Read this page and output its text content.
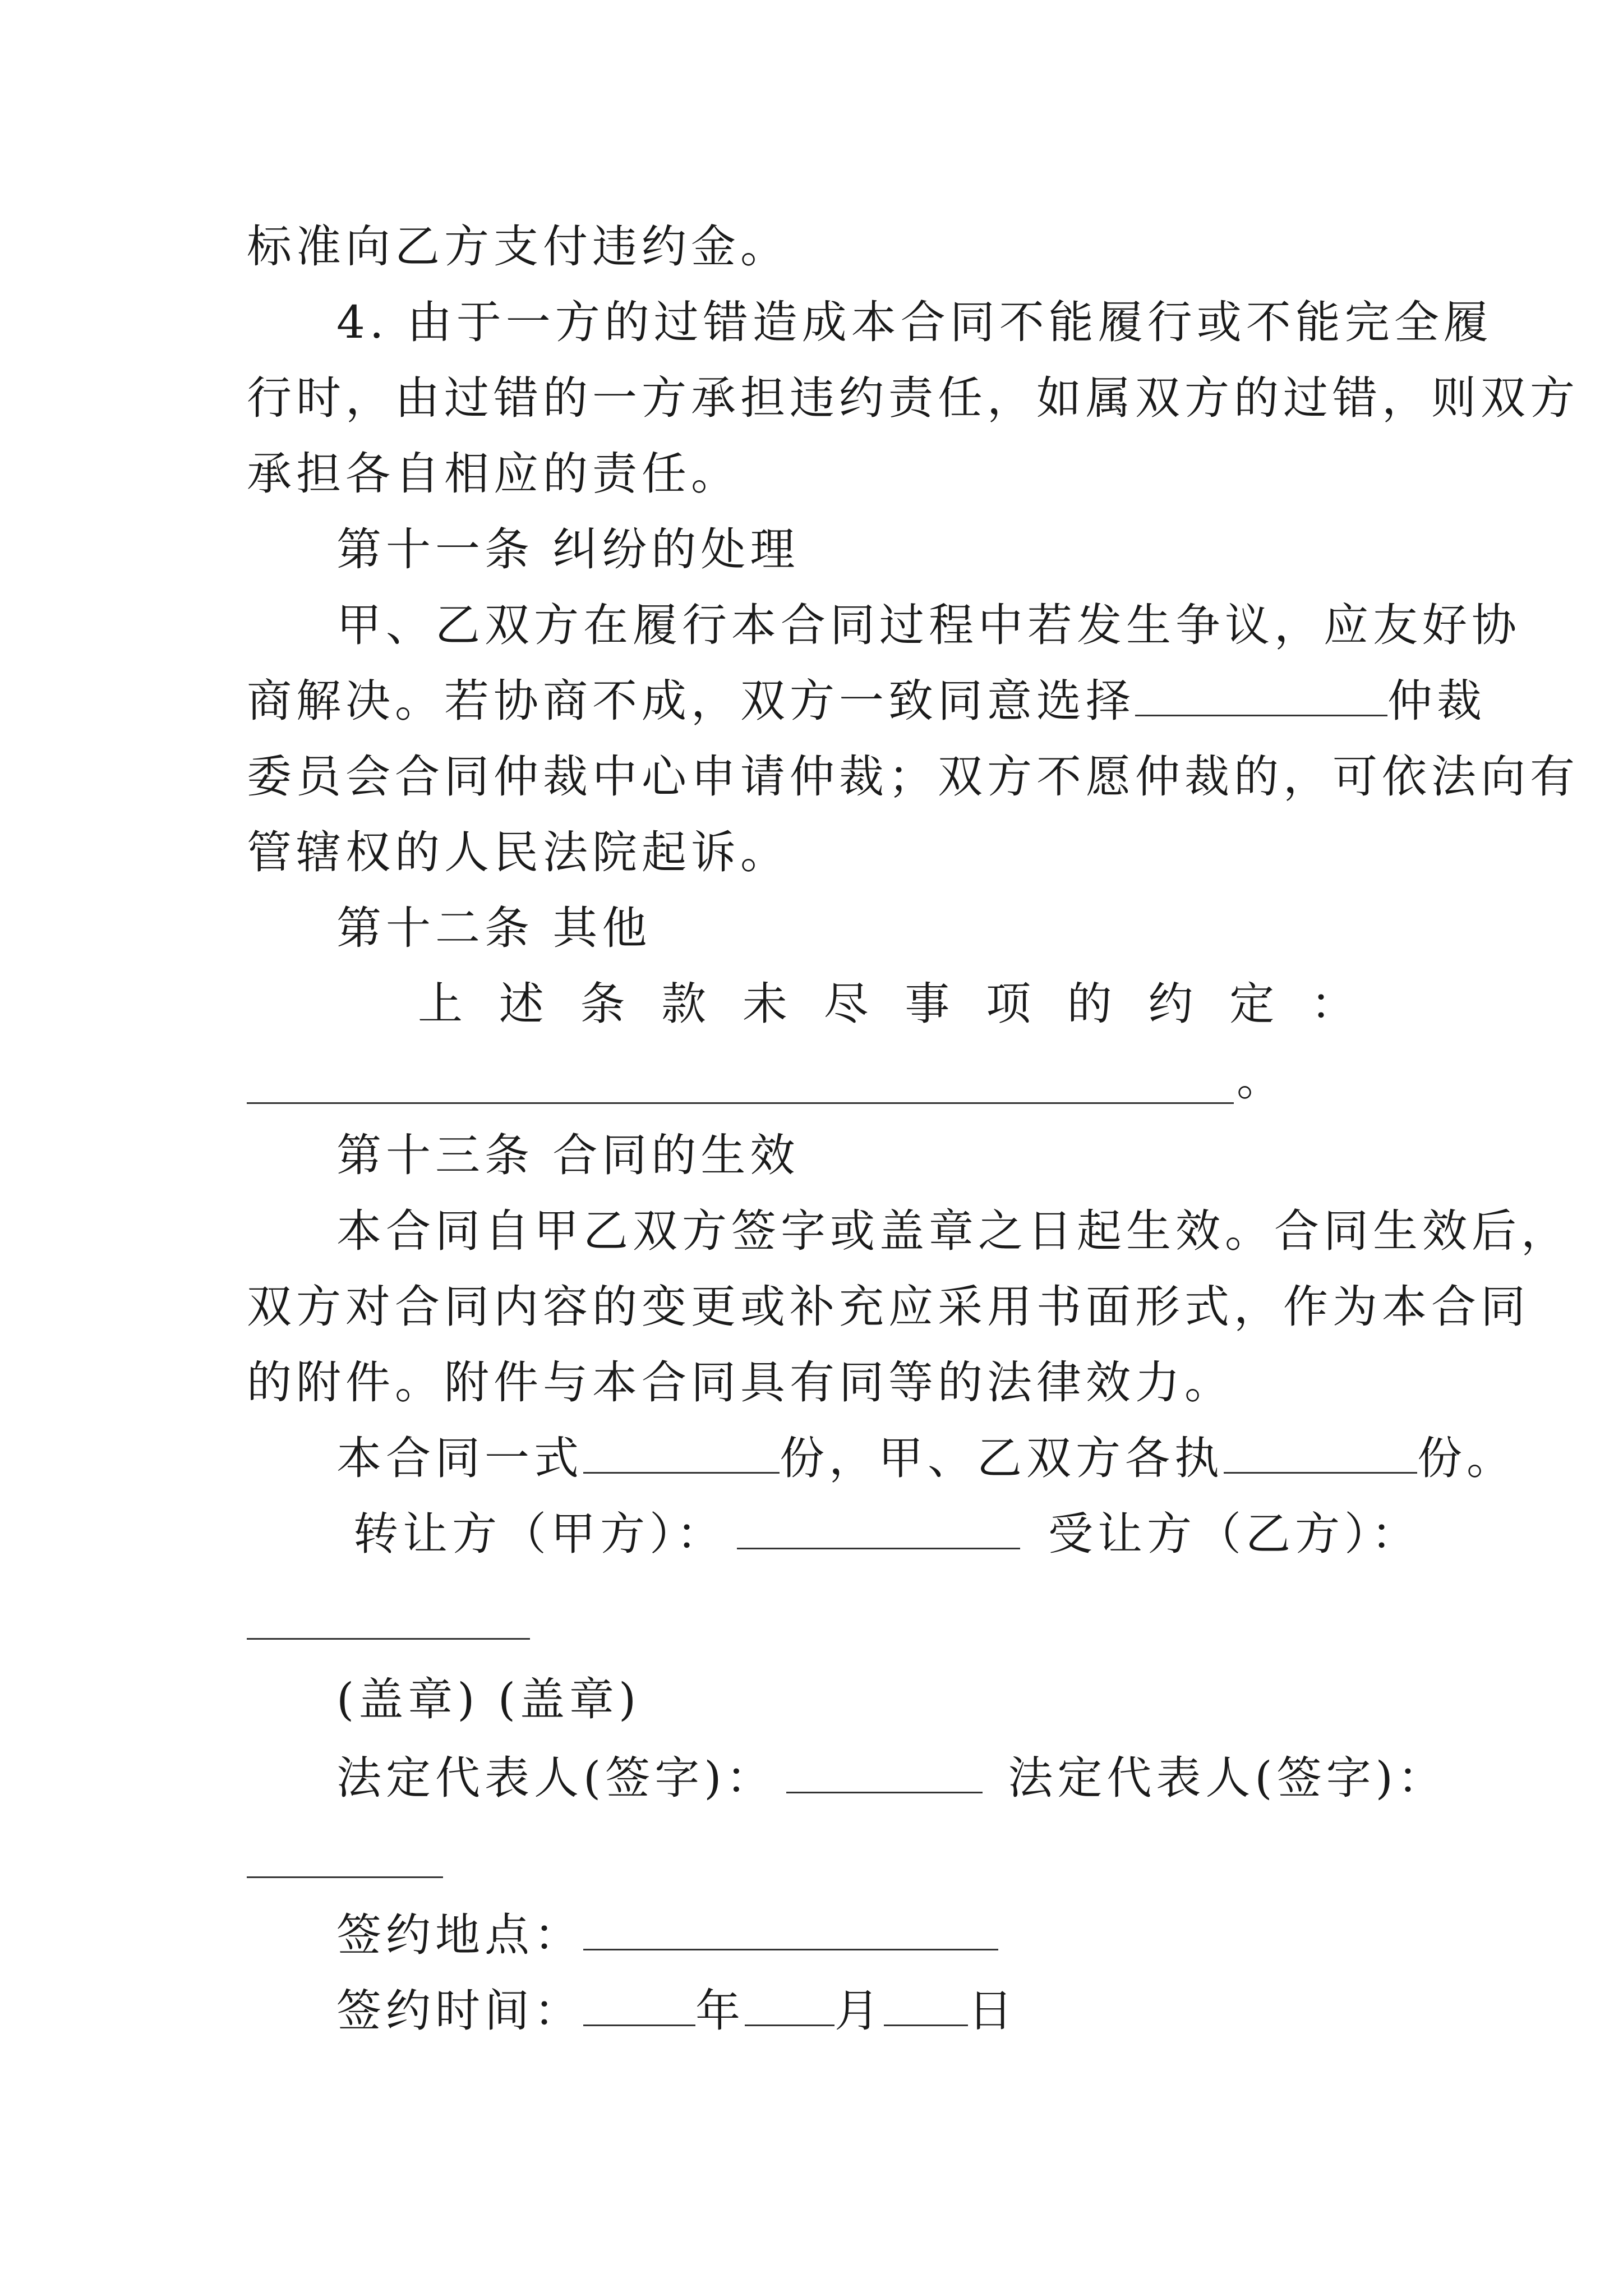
标准向乙方支付违约金。
4. 由于一方的过错造成本合同不能履行或不能完全履
行时，由过错的一方承担违约责任，如属双方的过错，则双方
承担各自相应的责任。
第十一条 纠纷的处理
甲、乙双方在履行本合同过程中若发生争议，应友好协
商解决。若协商不成，双方一致同意选择	仲裁
委员会合同仲裁中心申请仲裁；双方不愿仲裁的，可依法向有
管辖权的人民法院起诉。
第十二条 其他
上 述 条 款 未 尽 事 项 的 约 定 ：
。
第十三条 合同的生效
本合同自甲乙双方签字或盖章之日起生效。合同生效后，
双方对合同内容的变更或补充应采用书面形式，作为本合同
的附件。附件与本合同具有同等的法律效力。
本合同一式	份，甲、乙双方各执	份。
转让方（甲方）：	受让方（乙方）：
(盖章) (盖章)
法定代表人(签字)：	法定代表人(签字)：
签约地点：
签约时间：	年 月 日
